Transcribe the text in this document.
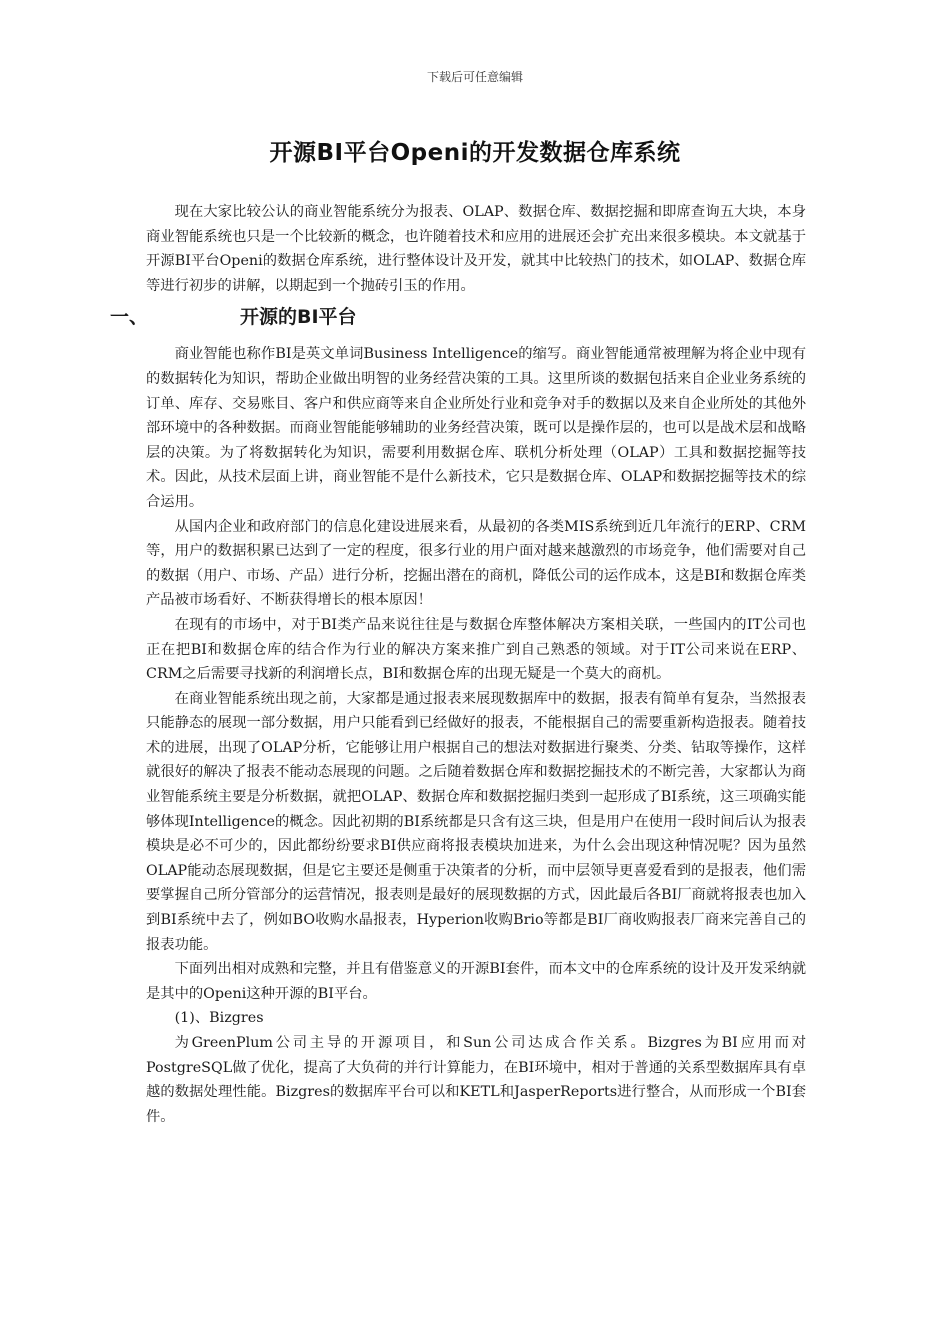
下载后可任意编辑
开源BI平台Openi的开发数据仓库系统

现在大家比较公认的商业智能系统分为报表、OLAP、数据仓库、数据挖掘和即席查询五大块，本身商业智能系统也只是一个比较新的概念，也许随着技术和应用的进展还会扩充出来很多模块。本文就基于开源BI平台Openi的数据仓库系统，进行整体设计及开发，就其中比较热门的技术，如OLAP、数据仓库等进行初步的讲解，以期起到一个抛砖引玉的作用。

一、	开源的BI平台

商业智能也称作BI是英文单词Business Intelligence的缩写。商业智能通常被理解为将企业中现有的数据转化为知识，帮助企业做出明智的业务经营决策的工具。这里所谈的数据包括来自企业业务系统的订单、库存、交易账目、客户和供应商等来自企业所处行业和竞争对手的数据以及来自企业所处的其他外部环境中的各种数据。而商业智能能够辅助的业务经营决策，既可以是操作层的，也可以是战术层和战略层的决策。为了将数据转化为知识，需要利用数据仓库、联机分析处理（OLAP）工具和数据挖掘等技术。因此，从技术层面上讲，商业智能不是什么新技术，它只是数据仓库、OLAP和数据挖掘等技术的综合运用。

从国内企业和政府部门的信息化建设进展来看，从最初的各类MIS系统到近几年流行的ERP、CRM等，用户的数据积累已达到了一定的程度，很多行业的用户面对越来越激烈的市场竞争，他们需要对自己的数据（用户、市场、产品）进行分析，挖掘出潜在的商机，降低公司的运作成本，这是BI和数据仓库类产品被市场看好、不断获得增长的根本原因！

在现有的市场中，对于BI类产品来说往往是与数据仓库整体解决方案相关联，一些国内的IT公司也正在把BI和数据仓库的结合作为行业的解决方案来推广到自己熟悉的领域。对于IT公司来说在ERP、CRM之后需要寻找新的利润增长点，BI和数据仓库的出现无疑是一个莫大的商机。

在商业智能系统出现之前，大家都是通过报表来展现数据库中的数据，报表有简单有复杂，当然报表只能静态的展现一部分数据，用户只能看到已经做好的报表，不能根据自己的需要重新构造报表。随着技术的进展，出现了OLAP分析，它能够让用户根据自己的想法对数据进行聚类、分类、钻取等操作，这样就很好的解决了报表不能动态展现的问题。之后随着数据仓库和数据挖掘技术的不断完善，大家都认为商业智能系统主要是分析数据，就把OLAP、数据仓库和数据挖掘归类到一起形成了BI系统，这三项确实能够体现Intelligence的概念。因此初期的BI系统都是只含有这三块，但是用户在使用一段时间后认为报表模块是必不可少的，因此都纷纷要求BI供应商将报表模块加进来，为什么会出现这种情况呢？因为虽然OLAP能动态展现数据，但是它主要还是侧重于决策者的分析，而中层领导更喜爱看到的是报表，他们需要掌握自己所分管部分的运营情况，报表则是最好的展现数据的方式，因此最后各BI厂商就将报表也加入到BI系统中去了，例如BO收购水晶报表，Hyperion收购Brio等都是BI厂商收购报表厂商来完善自己的报表功能。

下面列出相对成熟和完整，并且有借鉴意义的开源BI套件，而本文中的仓库系统的设计及开发采纳就是其中的Openi这种开源的BI平台。

(1)、Bizgres

为GreenPlum公司主导的开源项目，和Sun公司达成合作关系。Bizgres为BI应用而对PostgreSQL做了优化，提高了大负荷的并行计算能力，在BI环境中，相对于普通的关系型数据库具有卓越的数据处理性能。Bizgres的数据库平台可以和KETL和JasperReports进行整合，从而形成一个BI套件。
